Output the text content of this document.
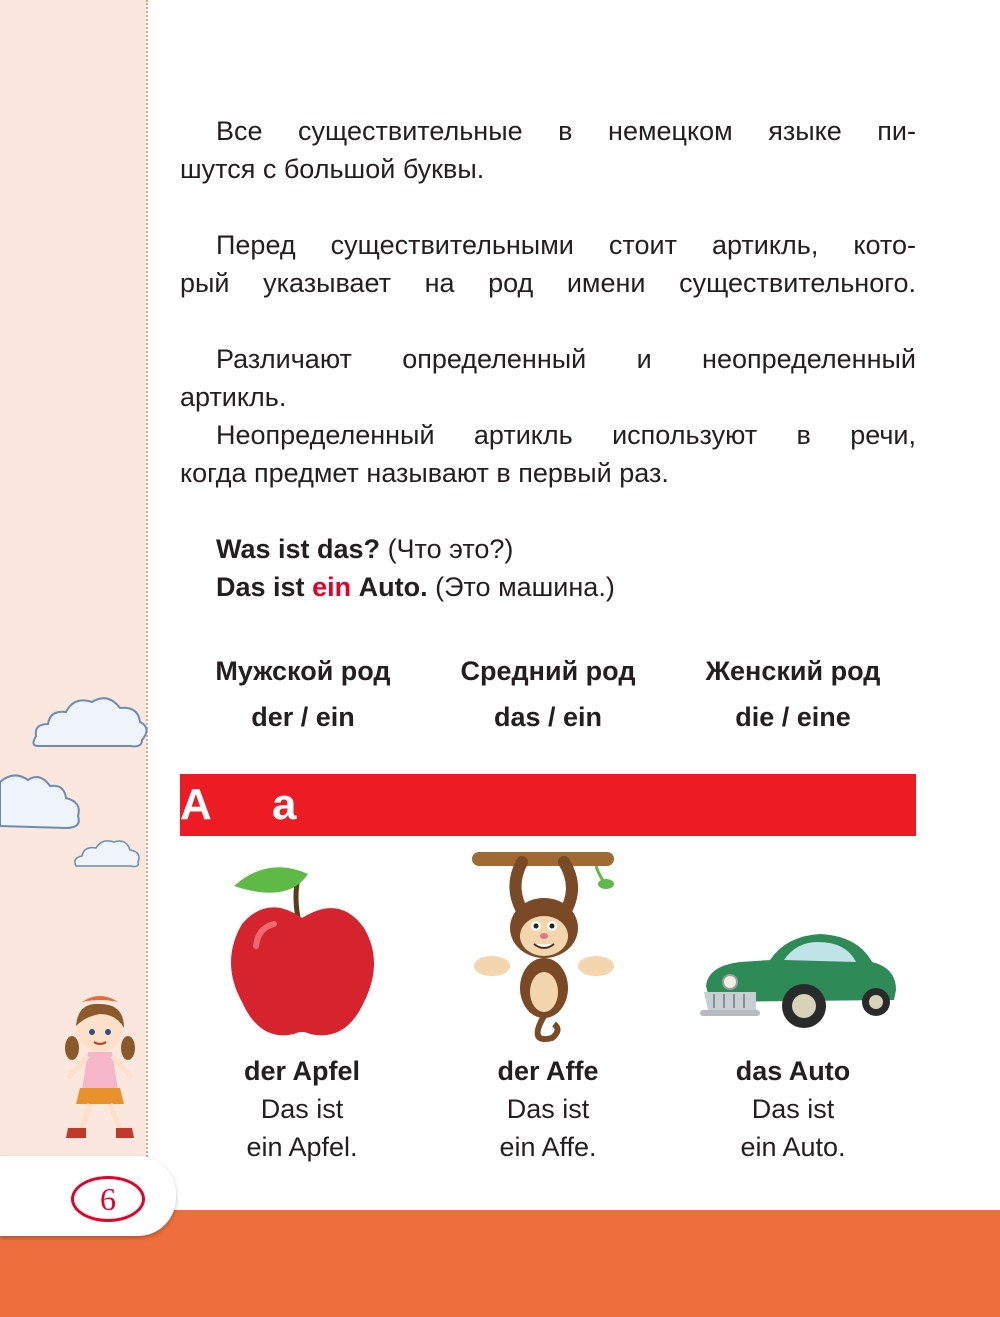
Все существительные в немецком языке пи-
шутся с большой буквы.

Перед существительными стоит артикль, кото-
рый указывает на род имени существительного.

Различают определенный и неопределенный
артикль.

Неопределенный артикль используют в речи,
когда предмет называют в первый раз.

Was ist das? (Что это?)
Das ist ein Auto. (Это машина.)
Мужской род
der / ein
Средний род
das / ein
Женский род
die / eine
A a
der Apfel
Das ist
ein Apfel.
der Affe
Das ist
ein Affe.
das Auto
Das ist
ein Auto.
6
